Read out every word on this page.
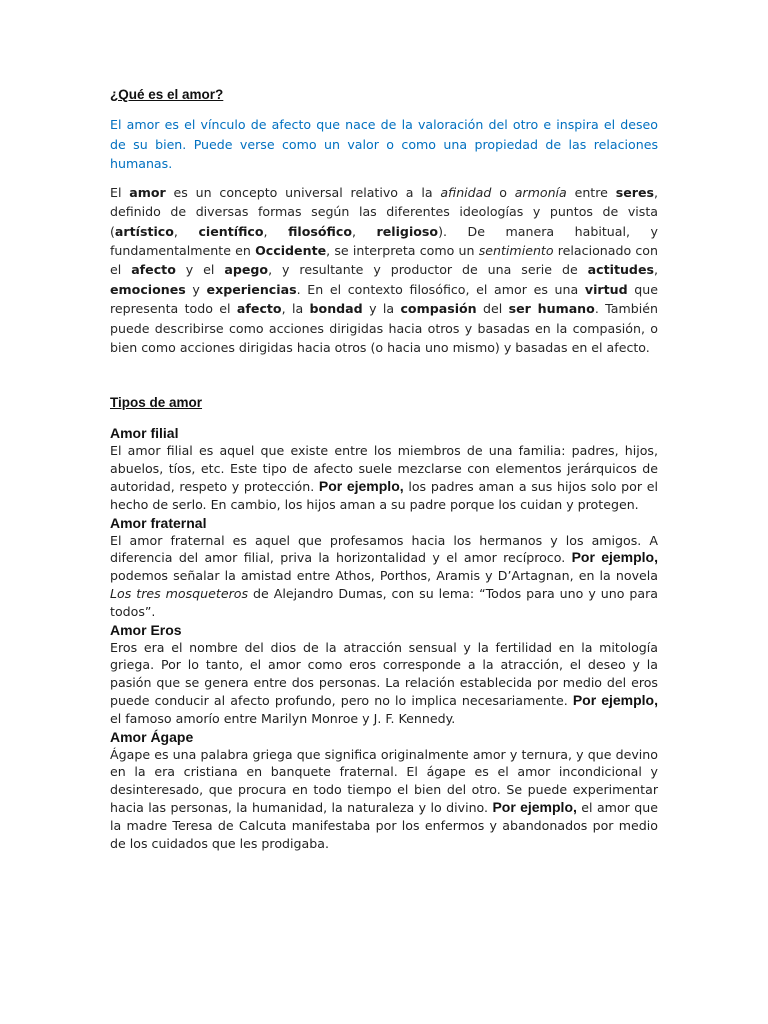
¿Qué es el amor?

El amor es el vínculo de afecto que nace de la valoración del otro e inspira el deseo de su bien. Puede verse como un valor o como una propiedad de las relaciones humanas.

El amor es un concepto universal relativo a la afinidad o armonía entre seres, definido de diversas formas según las diferentes ideologías y puntos de vista (artístico, científico, filosófico, religioso). De manera habitual, y fundamentalmente en Occidente, se interpreta como un sentimiento relacionado con el afecto y el apego, y resultante y productor de una serie de actitudes, emociones y experiencias. En el contexto filosófico, el amor es una virtud que representa todo el afecto, la bondad y la compasión del ser humano. También puede describirse como acciones dirigidas hacia otros y basadas en la compasión, o bien como acciones dirigidas hacia otros (o hacia uno mismo) y basadas en el afecto.

Tipos de amor
Amor filial

El amor filial es aquel que existe entre los miembros de una familia: padres, hijos, abuelos, tíos, etc. Este tipo de afecto suele mezclarse con elementos jerárquicos de autoridad, respeto y protección. Por ejemplo, los padres aman a sus hijos solo por el hecho de serlo. En cambio, los hijos aman a su padre porque los cuidan y protegen.

Amor fraternal

El amor fraternal es aquel que profesamos hacia los hermanos y los amigos. A diferencia del amor filial, priva la horizontalidad y el amor recíproco. Por ejemplo, podemos señalar la amistad entre Athos, Porthos, Aramis y D’Artagnan, en la novela Los tres mosqueteros de Alejandro Dumas, con su lema: “Todos para uno y uno para todos”.

Amor Eros

Eros era el nombre del dios de la atracción sensual y la fertilidad en la mitología griega. Por lo tanto, el amor como eros corresponde a la atracción, el deseo y la pasión que se genera entre dos personas. La relación establecida por medio del eros puede conducir al afecto profundo, pero no lo implica necesariamente. Por ejemplo, el famoso amorío entre Marilyn Monroe y J. F. Kennedy.

Amor Ágape

Ágape es una palabra griega que significa originalmente amor y ternura, y que devino en la era cristiana en banquete fraternal. El ágape es el amor incondicional y desinteresado, que procura en todo tiempo el bien del otro. Se puede experimentar hacia las personas, la humanidad, la naturaleza y lo divino. Por ejemplo, el amor que la madre Teresa de Calcuta manifestaba por los enfermos y abandonados por medio de los cuidados que les prodigaba.
